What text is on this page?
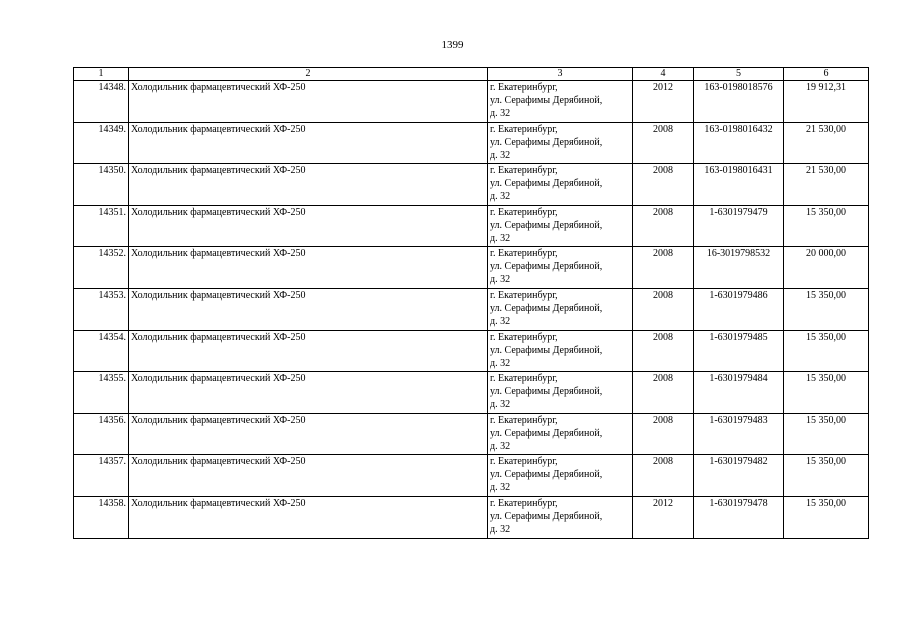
1399
1	2	3	4	5	6
14348.	Холодильник фармацевтический ХФ-250	г. Екатеринбург,
ул. Серафимы Дерябиной,
д. 32	2012	163-0198018576	19 912,31
14349.	Холодильник фармацевтический ХФ-250	г. Екатеринбург,
ул. Серафимы Дерябиной,
д. 32	2008	163-0198016432	21 530,00
14350.	Холодильник фармацевтический ХФ-250	г. Екатеринбург,
ул. Серафимы Дерябиной,
д. 32	2008	163-0198016431	21 530,00
14351.	Холодильник фармацевтический ХФ-250	г. Екатеринбург,
ул. Серафимы Дерябиной,
д. 32	2008	1-6301979479	15 350,00
14352.	Холодильник фармацевтический ХФ-250	г. Екатеринбург,
ул. Серафимы Дерябиной,
д. 32	2008	16-3019798532	20 000,00
14353.	Холодильник фармацевтический ХФ-250	г. Екатеринбург,
ул. Серафимы Дерябиной,
д. 32	2008	1-6301979486	15 350,00
14354.	Холодильник фармацевтический ХФ-250	г. Екатеринбург,
ул. Серафимы Дерябиной,
д. 32	2008	1-6301979485	15 350,00
14355.	Холодильник фармацевтический ХФ-250	г. Екатеринбург,
ул. Серафимы Дерябиной,
д. 32	2008	1-6301979484	15 350,00
14356.	Холодильник фармацевтический ХФ-250	г. Екатеринбург,
ул. Серафимы Дерябиной,
д. 32	2008	1-6301979483	15 350,00
14357.	Холодильник фармацевтический ХФ-250	г. Екатеринбург,
ул. Серафимы Дерябиной,
д. 32	2008	1-6301979482	15 350,00
14358.	Холодильник фармацевтический ХФ-250	г. Екатеринбург,
ул. Серафимы Дерябиной,
д. 32	2012	1-6301979478	15 350,00
